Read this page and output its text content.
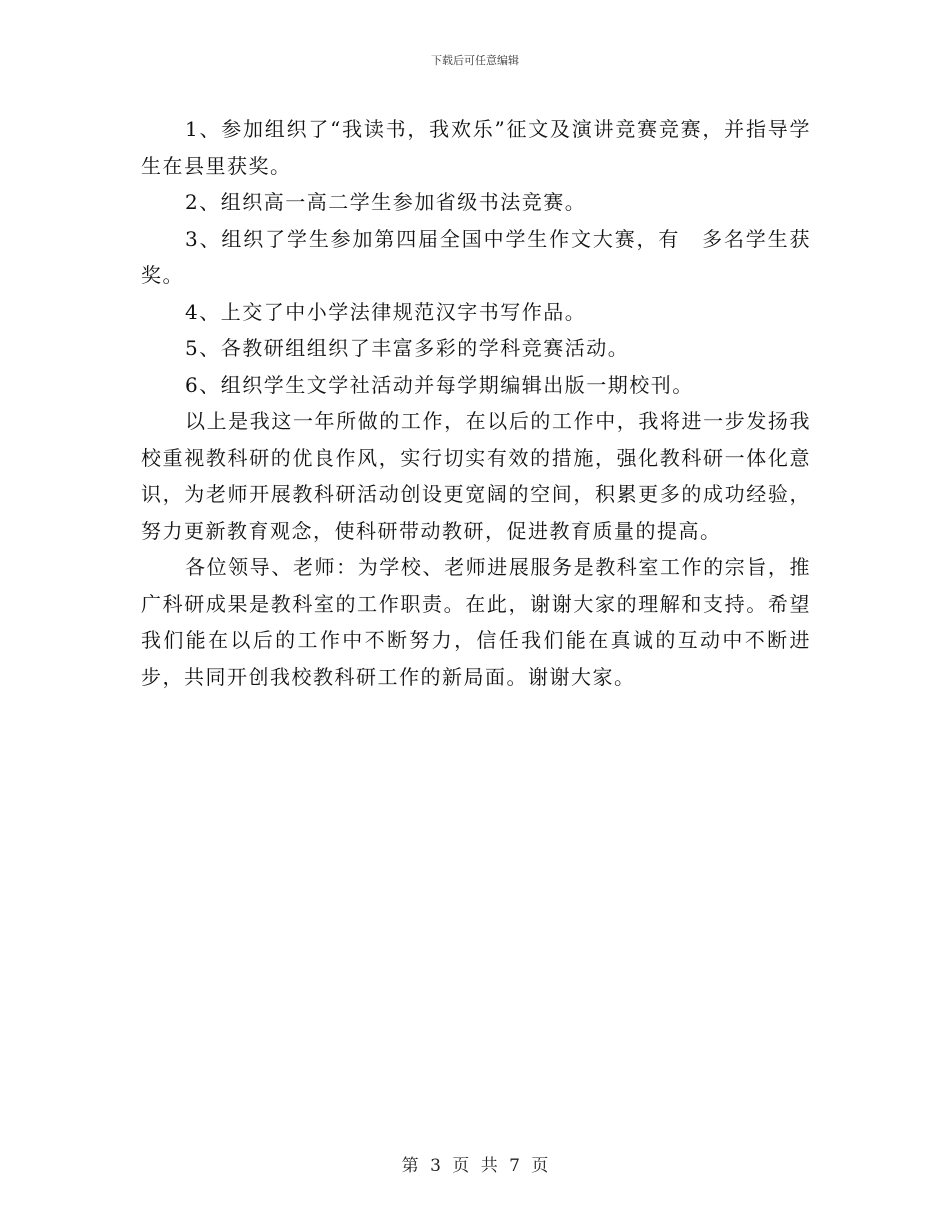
下载后可任意编辑

1、参加组织了“我读书，我欢乐”征文及演讲竞赛竞赛，并指导学生在县里获奖。

2、组织高一高二学生参加省级书法竞赛。

3、组织了学生参加第四届全国中学生作文大赛，有　多名学生获奖。

4、上交了中小学法律规范汉字书写作品。

5、各教研组组织了丰富多彩的学科竞赛活动。

6、组织学生文学社活动并每学期编辑出版一期校刊。

以上是我这一年所做的工作，在以后的工作中，我将进一步发扬我校重视教科研的优良作风，实行切实有效的措施，强化教科研一体化意识，为老师开展教科研活动创设更宽阔的空间，积累更多的成功经验，努力更新教育观念，使科研带动教研，促进教育质量的提高。

各位领导、老师：为学校、老师进展服务是教科室工作的宗旨，推广科研成果是教科室的工作职责。在此，谢谢大家的理解和支持。希望我们能在以后的工作中不断努力，信任我们能在真诚的互动中不断进步，共同开创我校教科研工作的新局面。谢谢大家。

第 3 页 共 7 页
